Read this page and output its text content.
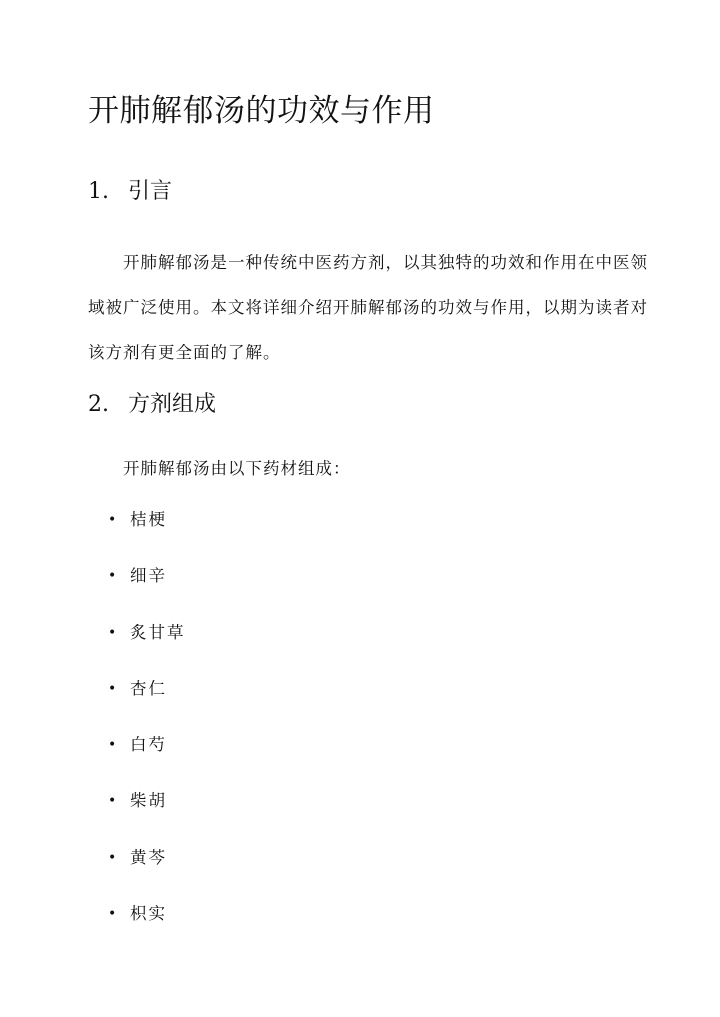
开肺解郁汤的功效与作用
1. 引言

开肺解郁汤是一种传统中医药方剂，以其独特的功效和作用在中医领域被广泛使用。本文将详细介绍开肺解郁汤的功效与作用，以期为读者对该方剂有更全面的了解。

2. 方剂组成

开肺解郁汤由以下药材组成：

• 桔梗
• 细辛
• 炙甘草
• 杏仁
• 白芍
• 柴胡
• 黄芩
• 枳实
